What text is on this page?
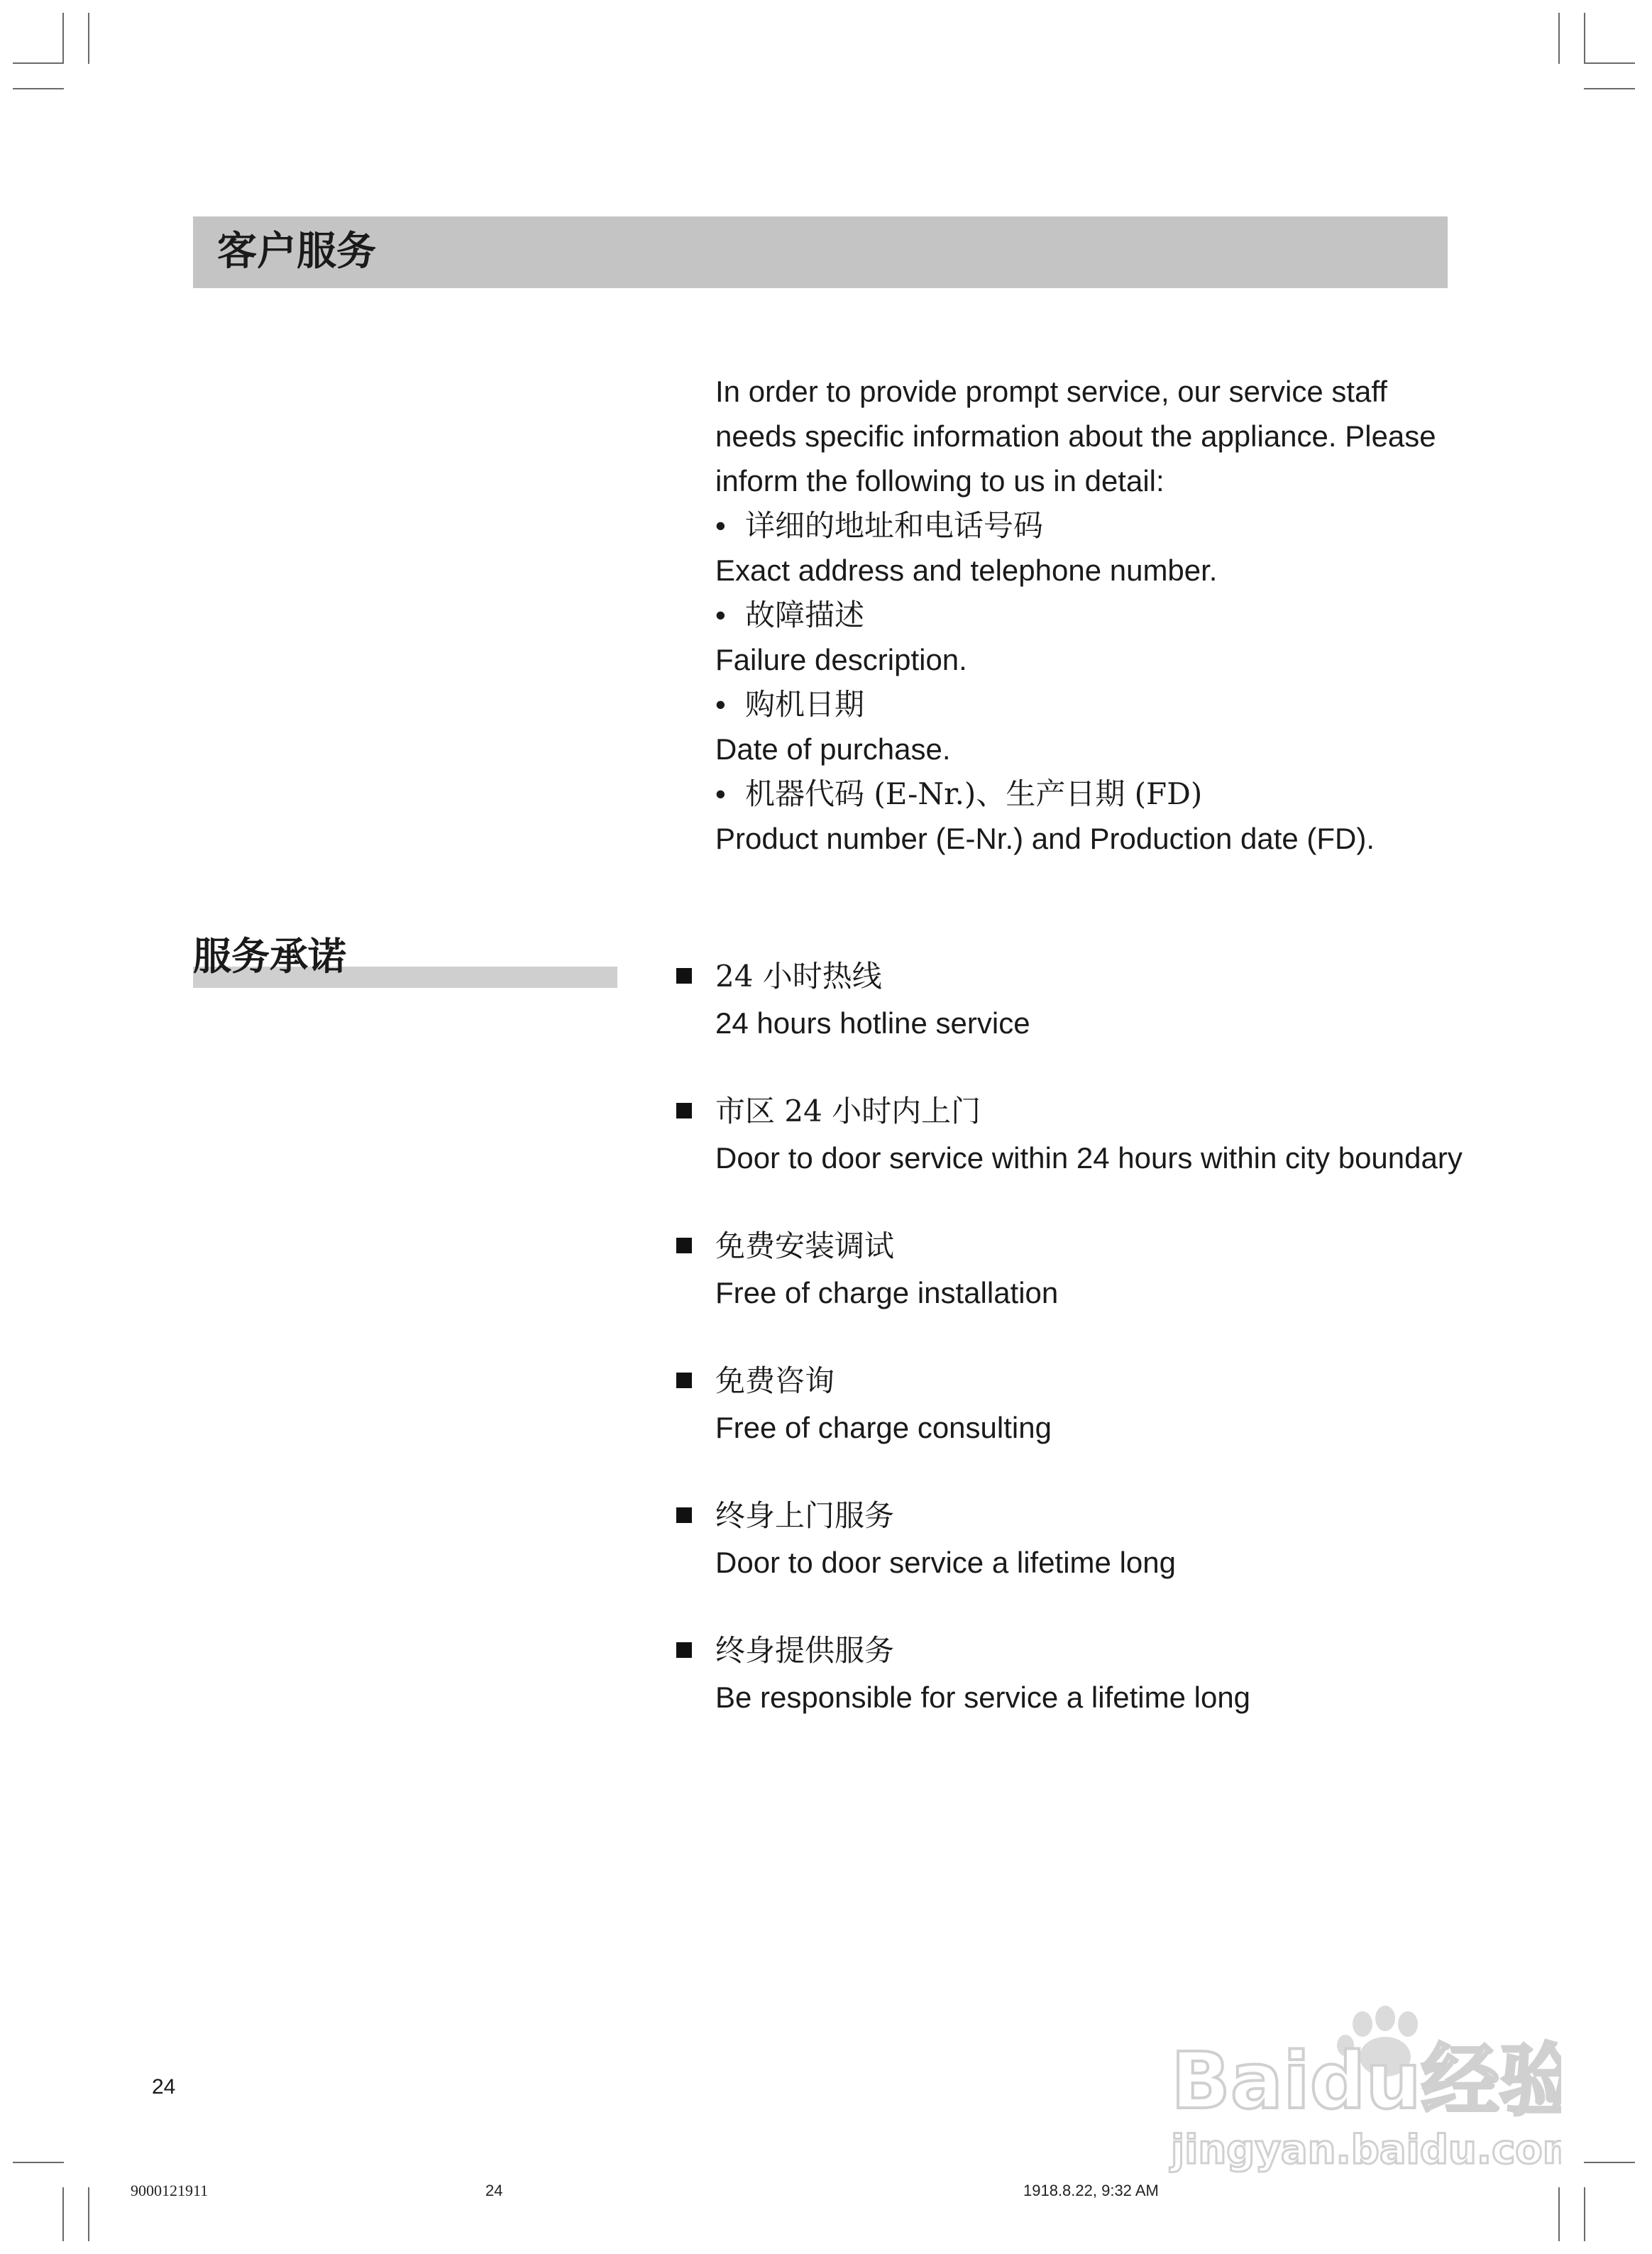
客户服务

In order to provide prompt service, our service staff

needs specific information about the appliance. Please

inform the following to us in detail:

• 详细的地址和电话号码

Exact address and telephone number.

• 故障描述

Failure description.

• 购机日期

Date of purchase.

• 机器代码 (E-Nr.)、生产日期 (FD)

Product number (E-Nr.) and Production date (FD).

服务承诺	24 小时热线
24 hours hotline service
市区 24 小时内上门
Door to door service within 24 hours within city boundary
免费安装调试
Free of charge installation
免费咨询
Free of charge consulting
终身上门服务
Door to door service a lifetime long
终身提供服务
Be responsible for service a lifetime long
24
9000121911	24	1918.8.22, 9:32 AM
Baidu经验
jingyan.baidu.com
